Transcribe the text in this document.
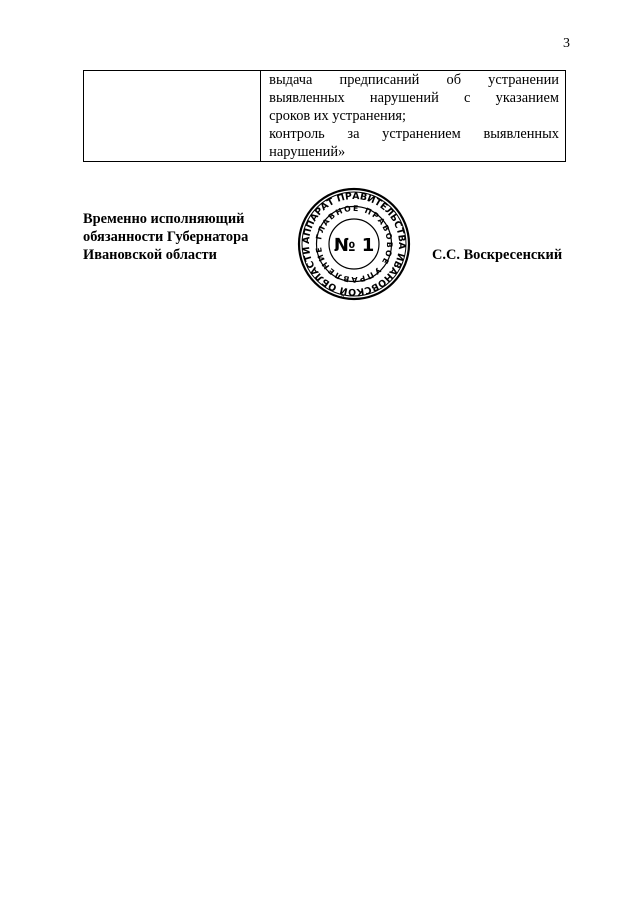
3

выдача предписаний об устранении
выявленных нарушений с указанием
сроков их устранения;
контроль за устранением выявленных
нарушений»
Временно исполняющий
обязанности Губернатора
Ивановской области
АППАРАТ ПРАВИТЕЛЬСТВА ИВАНОВСКОЙ ОБЛАСТИ
ГЛАВНОЕ ПРАВОВОЕ УПРАВЛЕНИЕ № 1	С.С. Воскресенский
